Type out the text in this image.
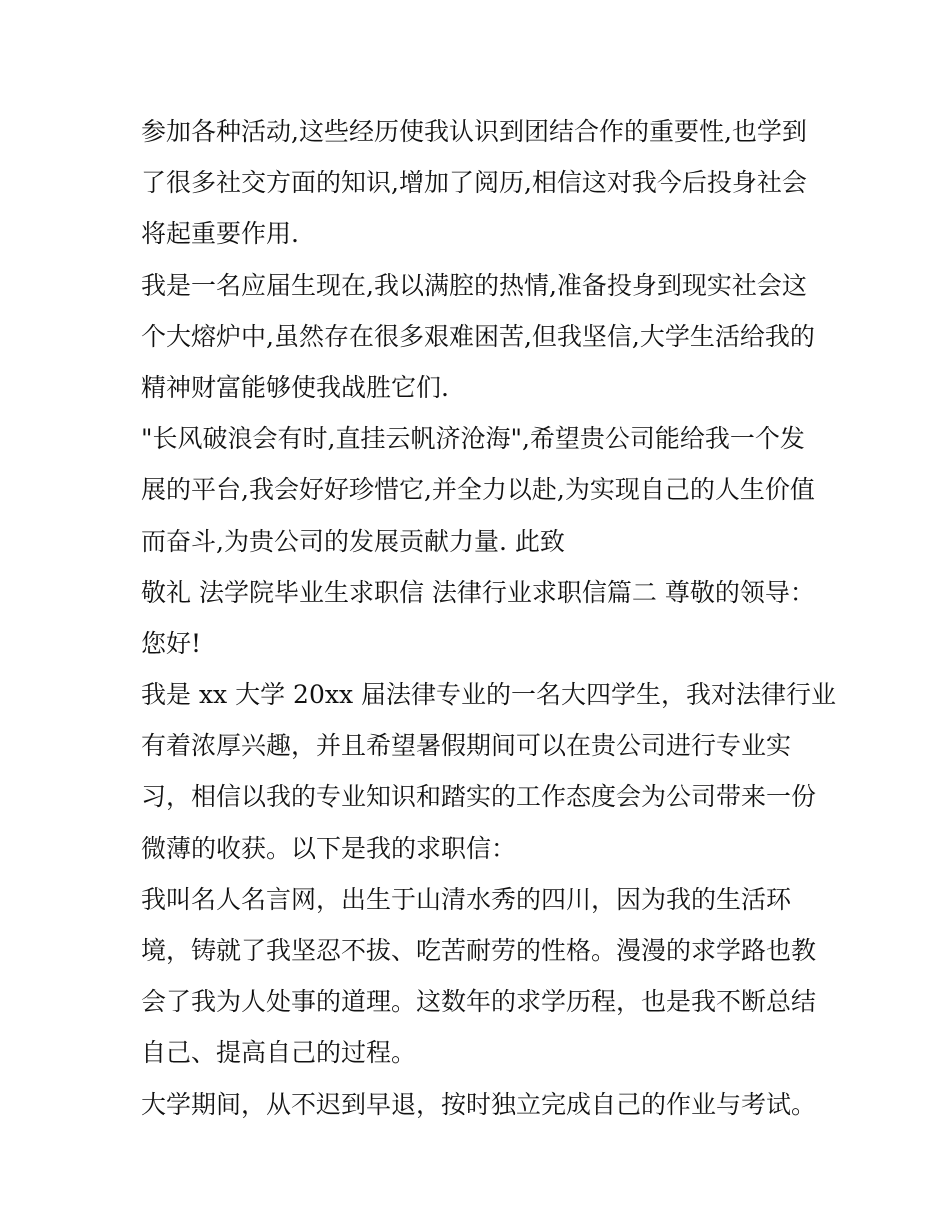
参加各种活动,这些经历使我认识到团结合作的重要性,也学到
了很多社交方面的知识,增加了阅历,相信这对我今后投身社会
将起重要作用.
我是一名应届生现在,我以满腔的热情,准备投身到现实社会这
个大熔炉中,虽然存在很多艰难困苦,但我坚信,大学生活给我的
精神财富能够使我战胜它们.
"长风破浪会有时,直挂云帆济沧海",希望贵公司能给我一个发
展的平台,我会好好珍惜它,并全力以赴,为实现自己的人生价值
而奋斗,为贵公司的发展贡献力量. 此致
敬礼 法学院毕业生求职信 法律行业求职信篇二 尊敬的领导：
您好!
我是 xx 大学 20xx 届法律专业的一名大四学生，我对法律行业
有着浓厚兴趣，并且希望暑假期间可以在贵公司进行专业实
习，相信以我的专业知识和踏实的工作态度会为公司带来一份
微薄的收获。以下是我的求职信：
我叫名人名言网，出生于山清水秀的四川，因为我的生活环
境，铸就了我坚忍不拔、吃苦耐劳的性格。漫漫的求学路也教
会了我为人处事的道理。这数年的求学历程，也是我不断总结
自己、提高自己的过程。
大学期间，从不迟到早退，按时独立完成自己的作业与考试。
